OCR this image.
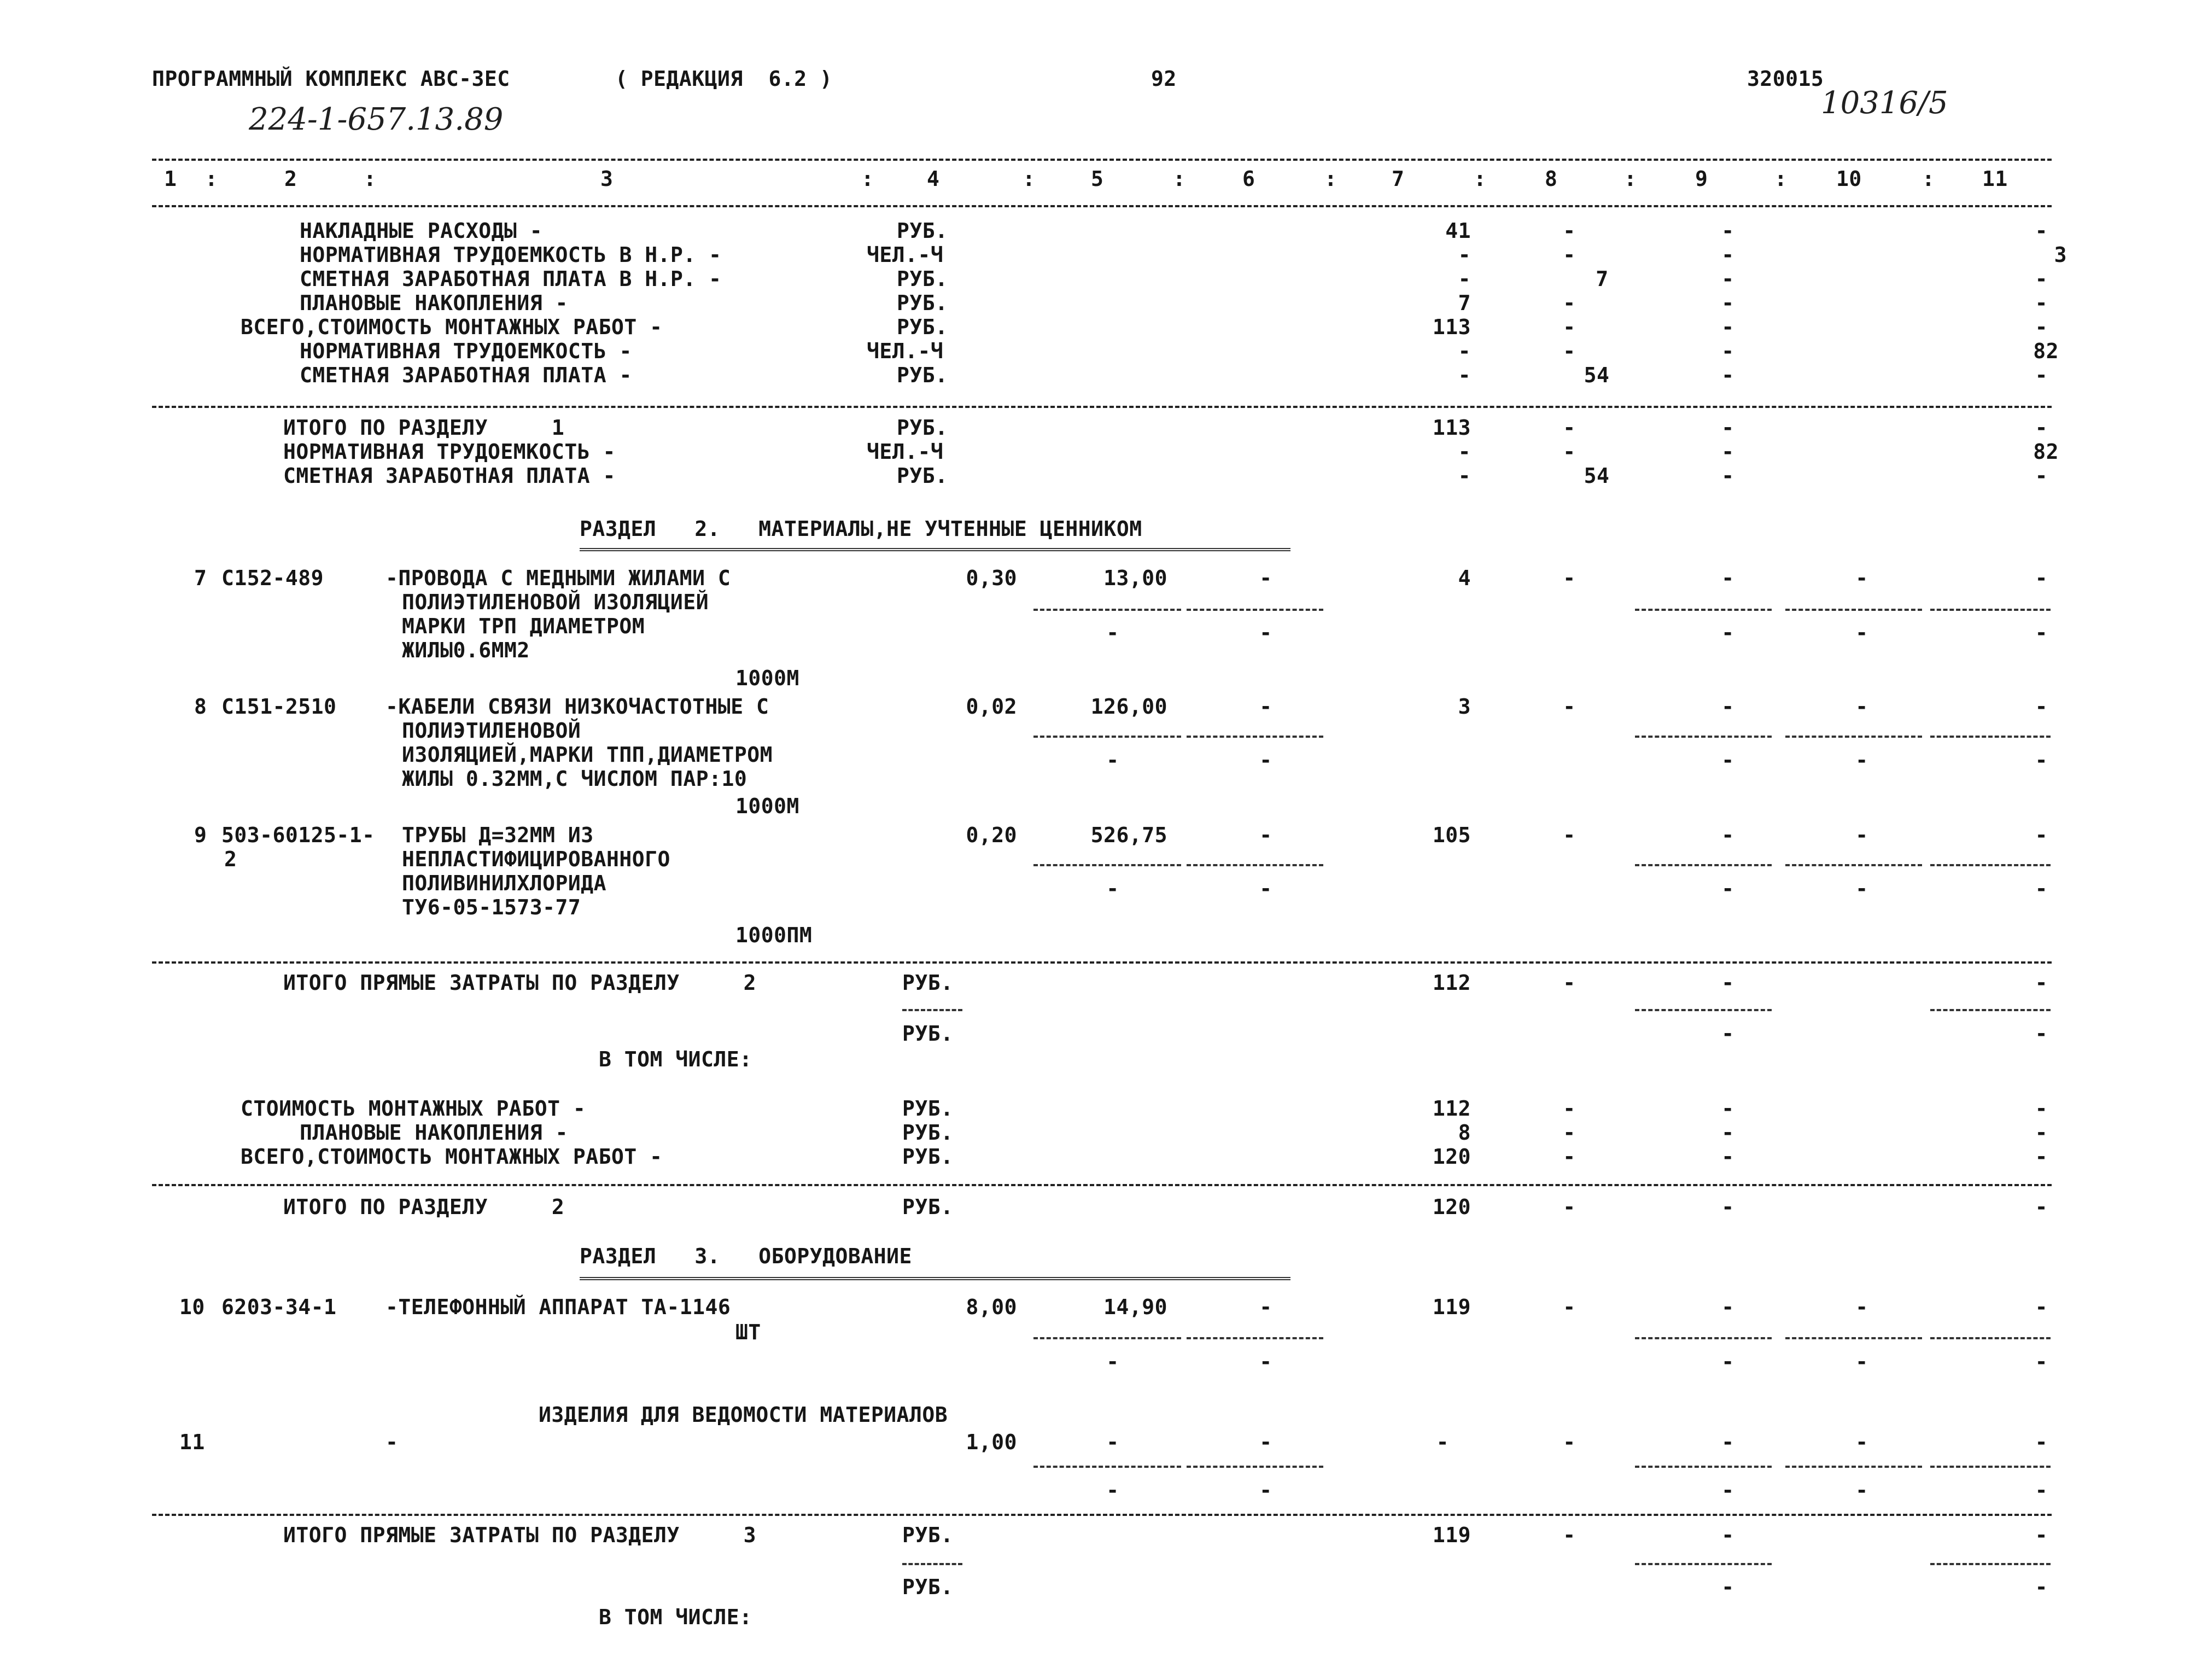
ПРОГРАММНЫЙ КОМПЛЕКС АВС-ЗЕС	( РЕДАКЦИЯ  6.2 )	92	320015
224-1-657.13.89	10316/5
1 :	2	:	3	:	4	:	5	:	6	:	7	:	8	:	9	: 10	: 11
НАКЛАДНЫЕ РАСХОДЫ -	РУБ.	41	-	-	-
НОРМАТИВНАЯ ТРУДОЕМКОСТЬ В Н.Р. -	ЧЕЛ.-Ч	-	-	-	3
СМЕТНАЯ ЗАРАБОТНАЯ ПЛАТА В Н.Р. -	РУБ.	-	7	-	-
ПЛАНОВЫЕ НАКОПЛЕНИЯ -	РУБ.	7	-	-	-
ВСЕГО,СТОИМОСТЬ МОНТАЖНЫХ РАБОТ -	РУБ.	113	-	-	-
НОРМАТИВНАЯ ТРУДОЕМКОСТЬ -	ЧЕЛ.-Ч	-	-	-	82
СМЕТНАЯ ЗАРАБОТНАЯ ПЛАТА -	РУБ.	-	54	-	-
ИТОГО ПО РАЗДЕЛУ     1	РУБ.	113	-	-	-
НОРМАТИВНАЯ ТРУДОЕМКОСТЬ -	ЧЕЛ.-Ч	-	-	-	82
СМЕТНАЯ ЗАРАБОТНАЯ ПЛАТА -	РУБ.	-	54	-	-
РАЗДЕЛ   2.   МАТЕРИАЛЫ,НЕ УЧТЕННЫЕ ЦЕННИКОМ
7 С152-489	-ПРОВОДА С МЕДНЫМИ ЖИЛАМИ С
ПОЛИЭТИЛЕНОВОЙ ИЗОЛЯЦИЕЙ
МАРКИ ТРП ДИАМЕТРОМ
ЖИЛЫ0.6ММ2
1000М
0,30	13,00	-	4	-	-	-	-
-	-	-	-	-
8 С151-2510 -КАБЕЛИ СВЯЗИ НИЗКОЧАСТОТНЫЕ С
ПОЛИЭТИЛЕНОВОЙ
ИЗОЛЯЦИЕЙ,МАРКИ ТПП,ДИАМЕТРОМ
ЖИЛЫ 0.32ММ,С ЧИСЛОМ ПАР:10
1000М
0,02	126,00	-	3	-	-	-	-
-	-	-	-	-
9 503-60125-1- ТРУБЫ Д=32ММ ИЗ
2	НЕПЛАСТИФИЦИРОВАННОГО
ПОЛИВИНИЛХЛОРИДА
ТУ6-05-1573-77
1000ПМ
0,20	526,75	-	105	-	-	-	-
-	-	-	-	-
ИТОГО ПРЯМЫЕ ЗАТРАТЫ ПО РАЗДЕЛУ     2	РУБ.	112	-	-	-
РУБ.	-	-
В ТОМ ЧИСЛЕ:
СТОИМОСТЬ МОНТАЖНЫХ РАБОТ -	РУБ.	112	-	-	-
ПЛАНОВЫЕ НАКОПЛЕНИЯ -	РУБ.	8	-	-	-
ВСЕГО,СТОИМОСТЬ МОНТАЖНЫХ РАБОТ -	РУБ.	120	-	-	-
ИТОГО ПО РАЗДЕЛУ     2	РУБ.	120	-	-	-
РАЗДЕЛ   3.   ОБОРУДОВАНИЕ
10 6203-34-1 -ТЕЛЕФОННЫЙ АППАРАТ ТА-1146
ШТ
8,00	14,90	-	119	-	-	-	-
-	-	-	-	-
ИЗДЕЛИЯ ДЛЯ ВЕДОМОСТИ МАТЕРИАЛОВ
11	-	1,00	-	-	-	-	-	-	-
-	-	-	-	-
ИТОГО ПРЯМЫЕ ЗАТРАТЫ ПО РАЗДЕЛУ     3	РУБ.	119	-	-	-
РУБ.	-	-
В ТОМ ЧИСЛЕ:
